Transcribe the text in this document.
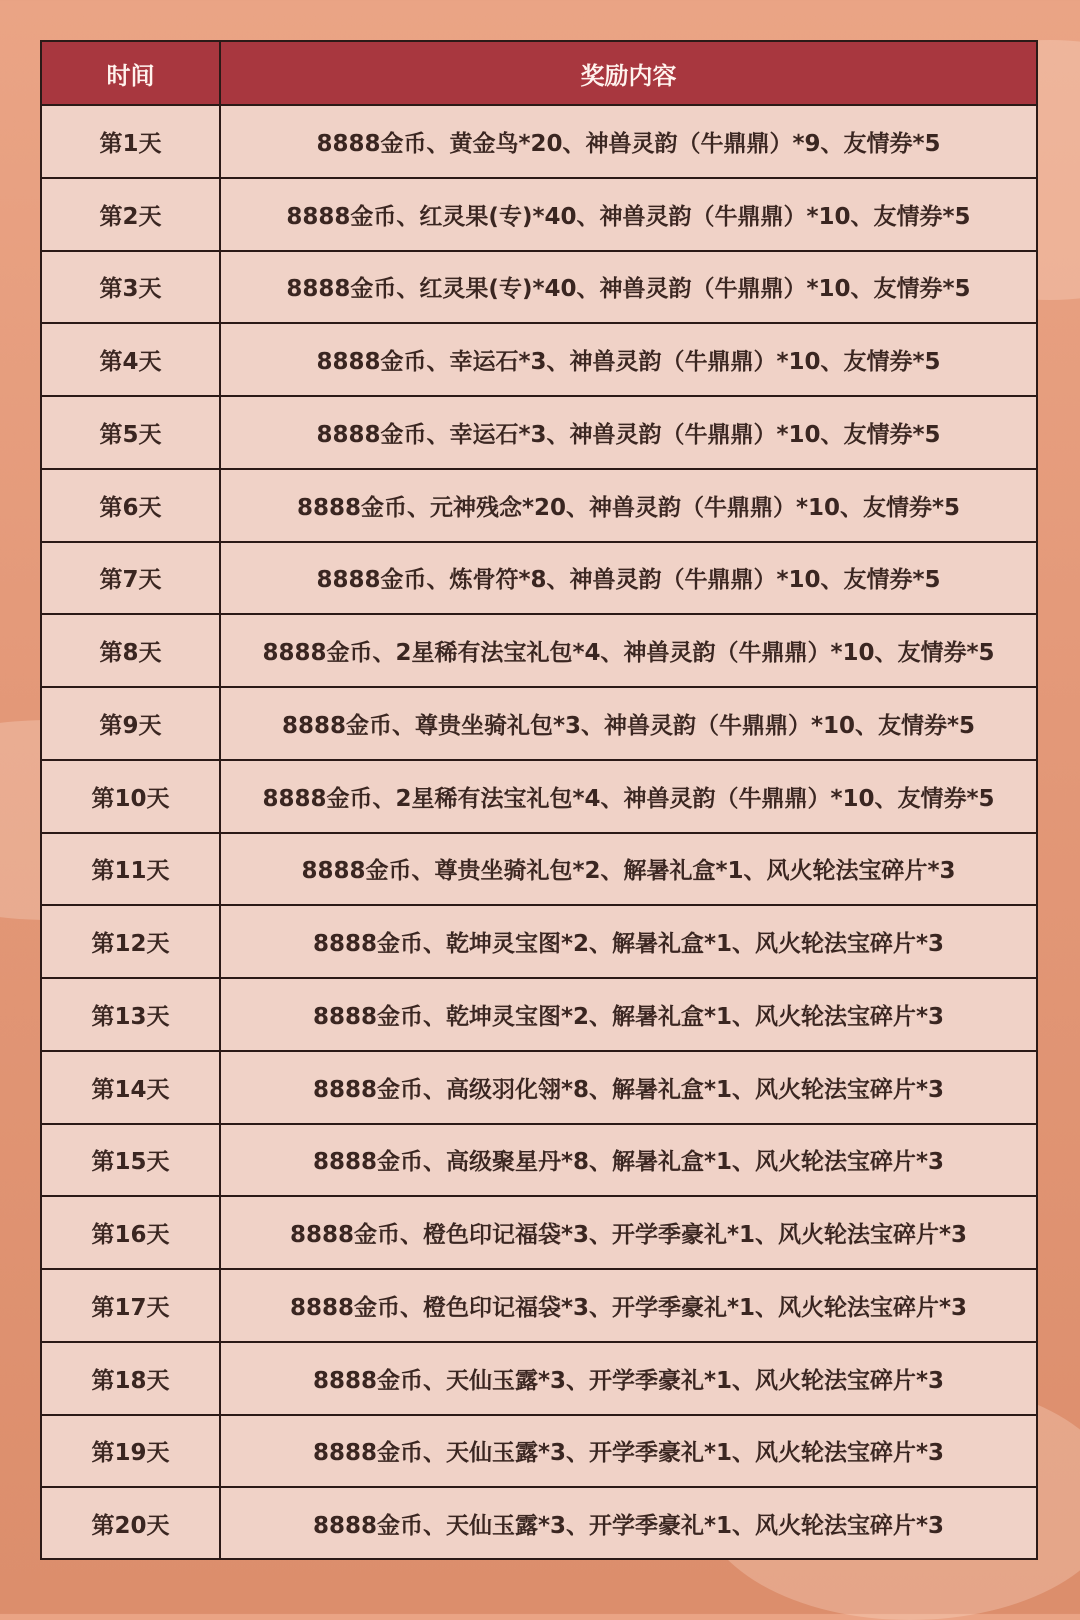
时间	奖励内容
第1天	8888金币、黄金鸟*20、神兽灵韵（牛鼎鼎）*9、友情券*5
第2天	8888金币、红灵果(专)*40、神兽灵韵（牛鼎鼎）*10、友情券*5
第3天	8888金币、红灵果(专)*40、神兽灵韵（牛鼎鼎）*10、友情券*5
第4天	8888金币、幸运石*3、神兽灵韵（牛鼎鼎）*10、友情券*5
第5天	8888金币、幸运石*3、神兽灵韵（牛鼎鼎）*10、友情券*5
第6天	8888金币、元神残念*20、神兽灵韵（牛鼎鼎）*10、友情券*5
第7天	8888金币、炼骨符*8、神兽灵韵（牛鼎鼎）*10、友情券*5
第8天	8888金币、2星稀有法宝礼包*4、神兽灵韵（牛鼎鼎）*10、友情券*5
第9天	8888金币、尊贵坐骑礼包*3、神兽灵韵（牛鼎鼎）*10、友情券*5
第10天	8888金币、2星稀有法宝礼包*4、神兽灵韵（牛鼎鼎）*10、友情券*5
第11天	8888金币、尊贵坐骑礼包*2、解暑礼盒*1、风火轮法宝碎片*3
第12天	8888金币、乾坤灵宝图*2、解暑礼盒*1、风火轮法宝碎片*3
第13天	8888金币、乾坤灵宝图*2、解暑礼盒*1、风火轮法宝碎片*3
第14天	8888金币、高级羽化翎*8、解暑礼盒*1、风火轮法宝碎片*3
第15天	8888金币、高级聚星丹*8、解暑礼盒*1、风火轮法宝碎片*3
第16天	8888金币、橙色印记福袋*3、开学季豪礼*1、风火轮法宝碎片*3
第17天	8888金币、橙色印记福袋*3、开学季豪礼*1、风火轮法宝碎片*3
第18天	8888金币、天仙玉露*3、开学季豪礼*1、风火轮法宝碎片*3
第19天	8888金币、天仙玉露*3、开学季豪礼*1、风火轮法宝碎片*3
第20天	8888金币、天仙玉露*3、开学季豪礼*1、风火轮法宝碎片*3
